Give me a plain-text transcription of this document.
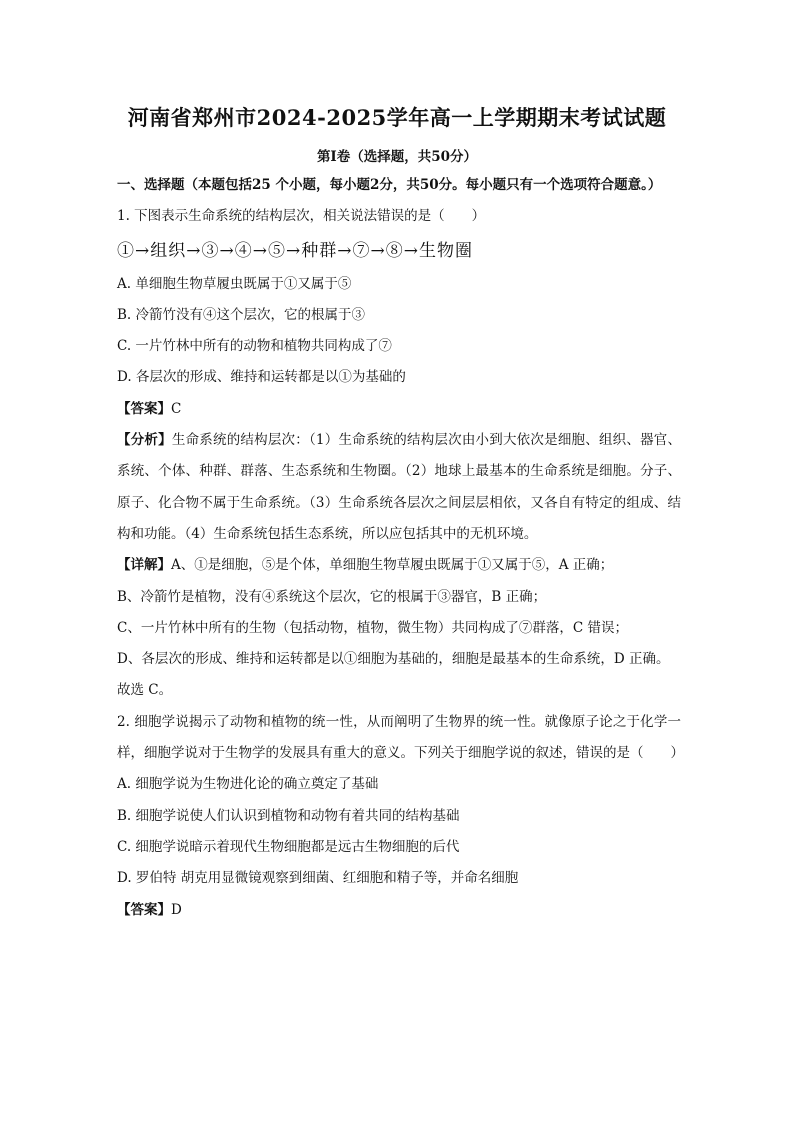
河南省郑州市2024-2025学年高一上学期期末考试试题
第I卷（选择题，共50分）

一、选择题（本题包括25 个小题，每小题2分，共50分。每小题只有一个选项符合题意。）

1. 下图表示生命系统的结构层次，相关说法错误的是（　　）

①→组织→③→④→⑤→种群→⑦→⑧→生物圈

A. 单细胞生物草履虫既属于①又属于⑤

B. 冷箭竹没有④这个层次，它的根属于③

C. 一片竹林中所有的动物和植物共同构成了⑦

D. 各层次的形成、维持和运转都是以①为基础的

【答案】C

【分析】生命系统的结构层次：（1）生命系统的结构层次由小到大依次是细胞、组织、器官、系统、个体、种群、群落、生态系统和生物圈。（2）地球上最基本的生命系统是细胞。分子、原子、化合物不属于生命系统。（3）生命系统各层次之间层层相依，又各自有特定的组成、结构和功能。（4）生命系统包括生态系统，所以应包括其中的无机环境。

【详解】A、①是细胞，⑤是个体，单细胞生物草履虫既属于①又属于⑤，A 正确；

B、冷箭竹是植物，没有④系统这个层次，它的根属于③器官，B 正确；

C、一片竹林中所有的生物（包括动物，植物，微生物）共同构成了⑦群落，C 错误；

D、各层次的形成、维持和运转都是以①细胞为基础的，细胞是最基本的生命系统，D 正确。

故选 C。

2. 细胞学说揭示了动物和植物的统一性，从而阐明了生物界的统一性。就像原子论之于化学一样，细胞学说对于生物学的发展具有重大的意义。下列关于细胞学说的叙述，错误的是（　　）

A. 细胞学说为生物进化论的确立奠定了基础

B. 细胞学说使人们认识到植物和动物有着共同的结构基础

C. 细胞学说暗示着现代生物细胞都是远古生物细胞的后代

D. 罗伯特 胡克用显微镜观察到细菌、红细胞和精子等，并命名细胞

【答案】D
